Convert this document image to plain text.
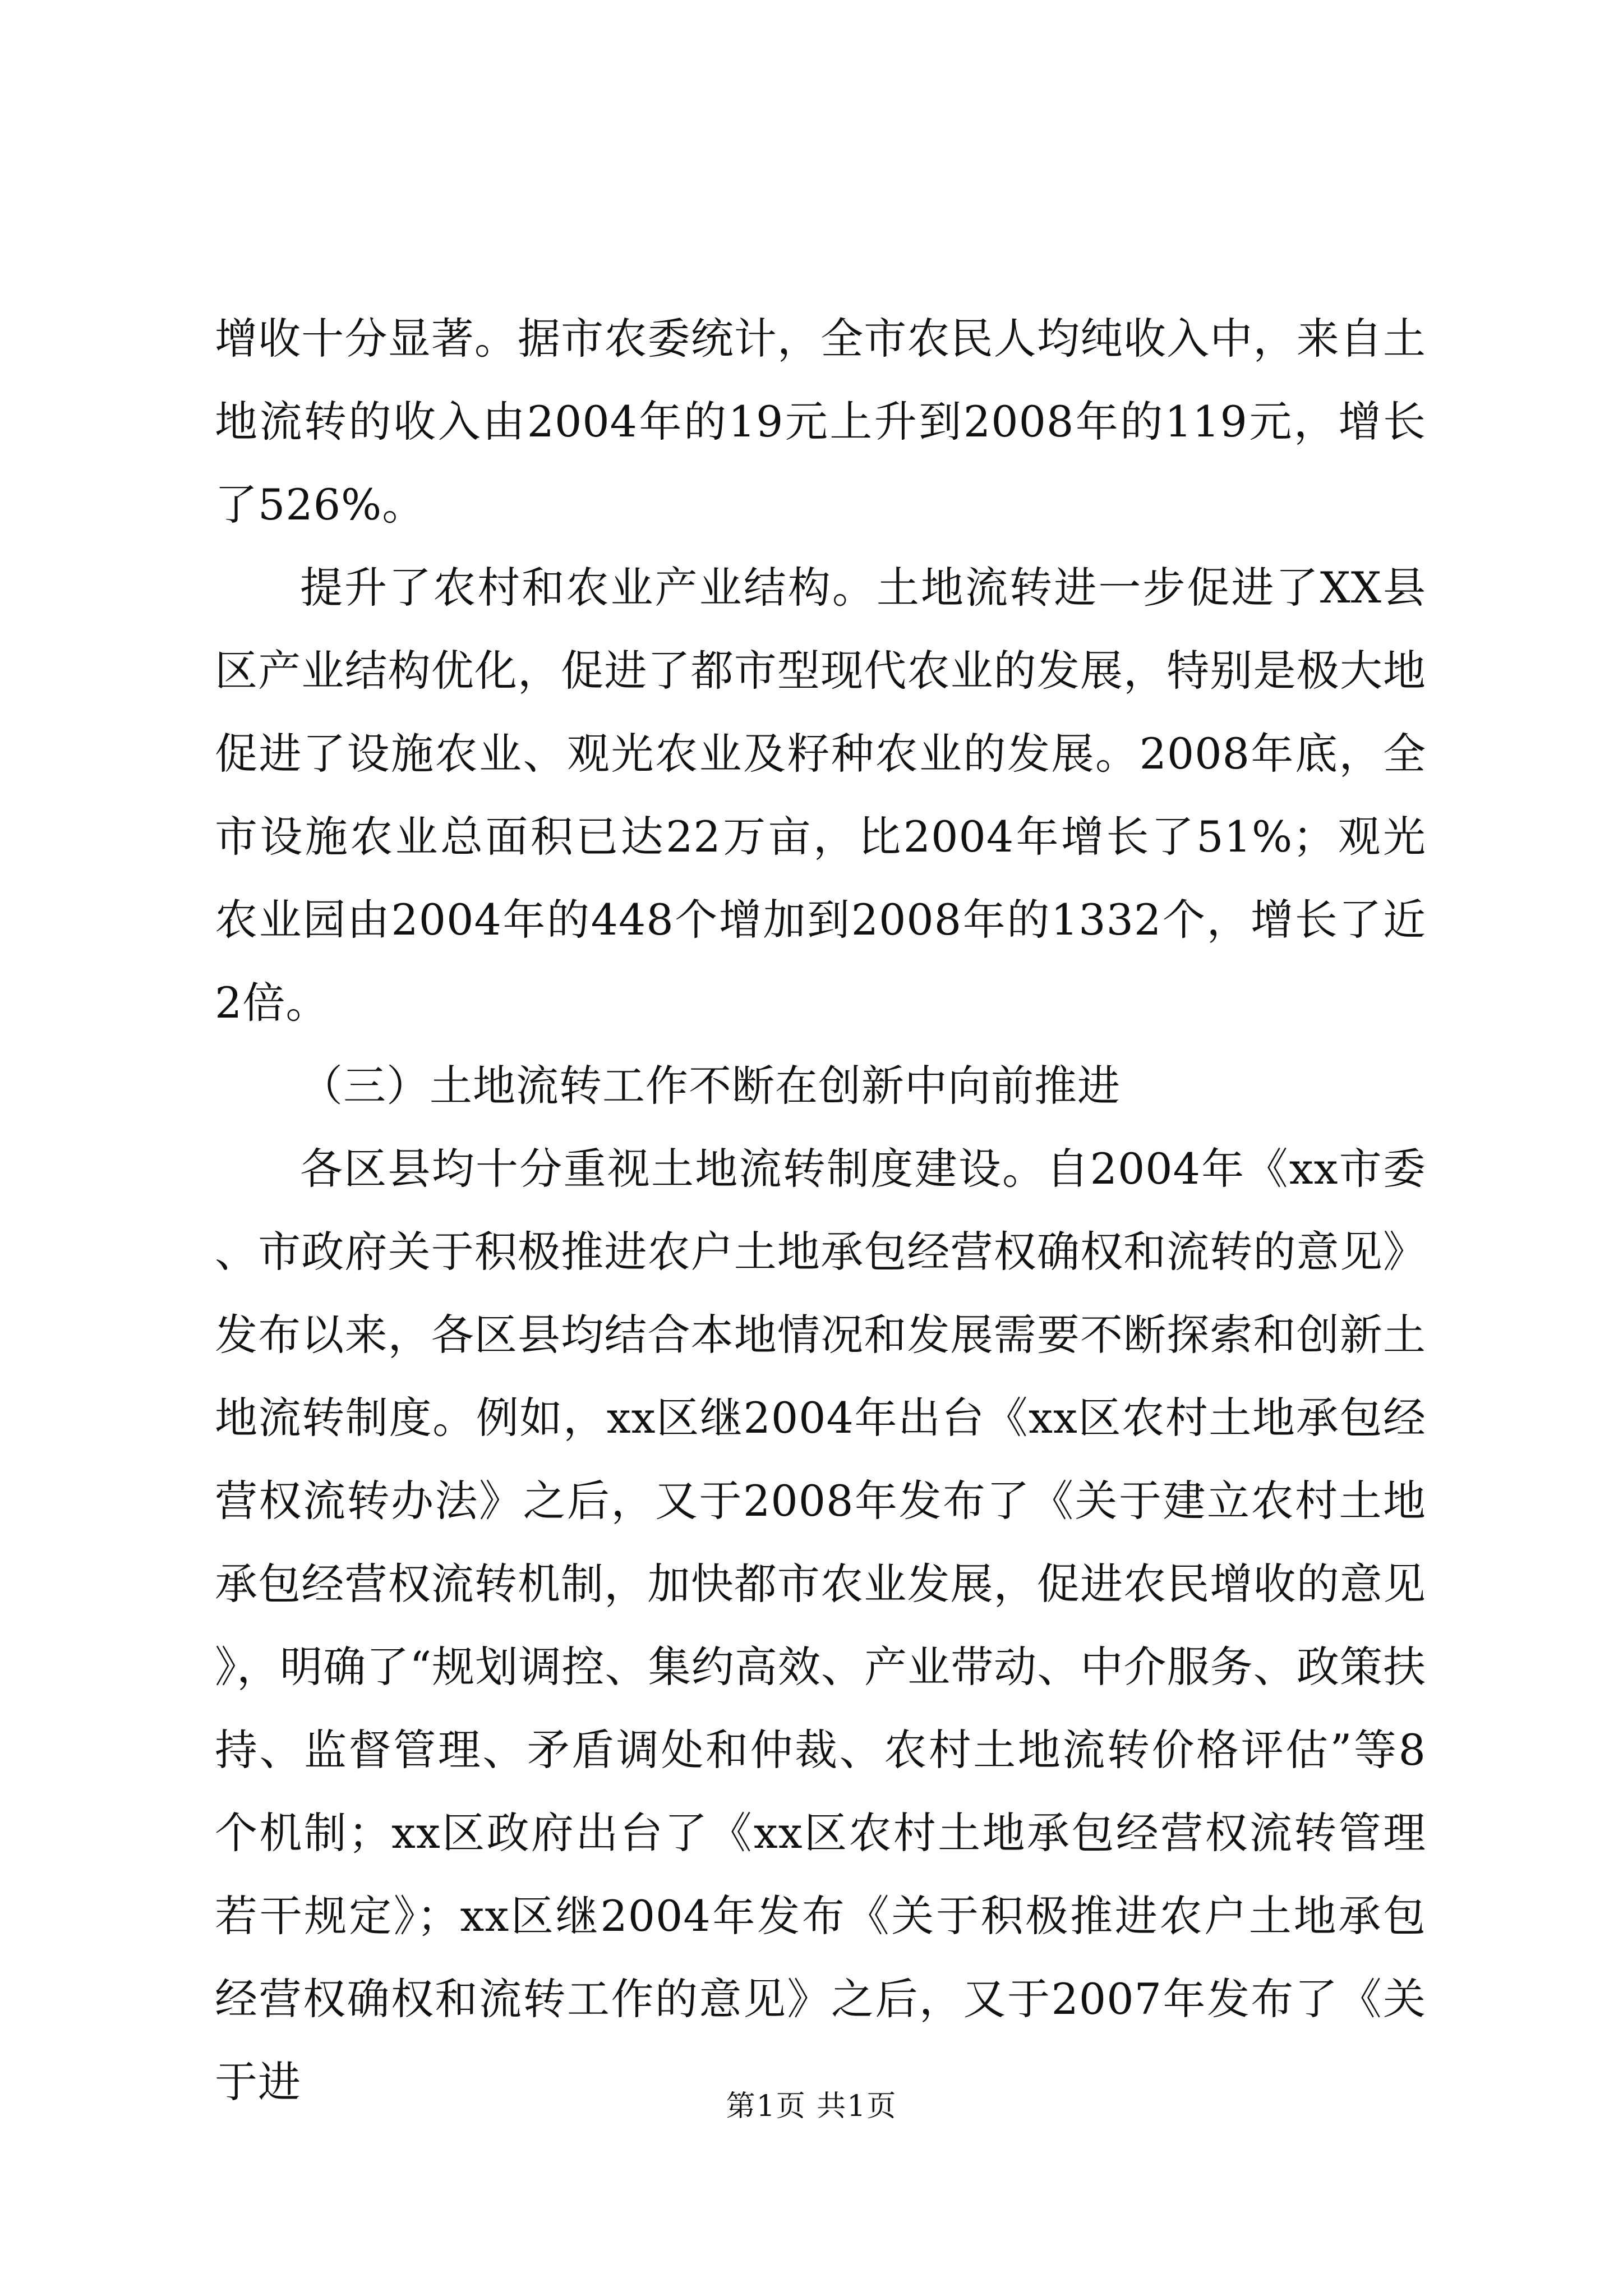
增收十分显著。据市农委统计，全市农民人均纯收入中，来自土地流转的收入由2004年的19元上升到2008年的119元，增长了526%。

提升了农村和农业产业结构。土地流转进一步促进了XX县区产业结构优化，促进了都市型现代农业的发展，特别是极大地促进了设施农业、观光农业及籽种农业的发展。2008年底，全市设施农业总面积已达22万亩，比2004年增长了51%；观光农业园由2004年的448个增加到2008年的1332个，增长了近2倍。

（三）土地流转工作不断在创新中向前推进

各区县均十分重视土地流转制度建设。自2004年《xx市委、市政府关于积极推进农户土地承包经营权确权和流转的意见》发布以来，各区县均结合本地情况和发展需要不断探索和创新土地流转制度。例如，xx区继2004年出台《xx区农村土地承包经营权流转办法》之后，又于2008年发布了《关于建立农村土地承包经营权流转机制，加快都市农业发展，促进农民增收的意见》，明确了“规划调控、集约高效、产业带动、中介服务、政策扶持、监督管理、矛盾调处和仲裁、农村土地流转价格评估”等8个机制；xx区政府出台了《xx区农村土地承包经营权流转管理若干规定》；xx区继2004年发布《关于积极推进农户土地承包经营权确权和流转工作的意见》之后，又于2007年发布了《关于进	第1页 共1页
